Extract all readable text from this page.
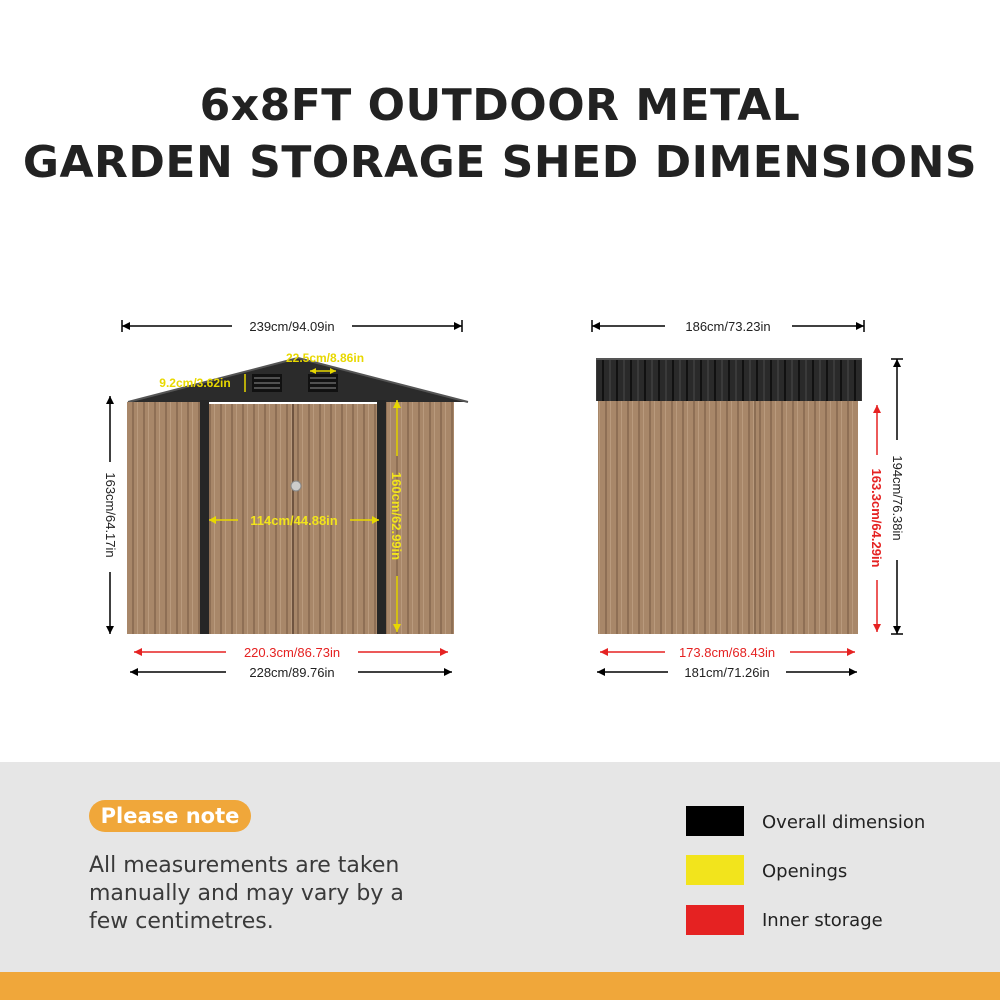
6x8FT OUTDOOR METAL
GARDEN STORAGE SHED DIMENSIONS
239cm/94.09in
22.5cm/8.86in
9.2cm/3.62in
163cm/64.17in	114cm/44.88in	160cm/62.99in
220.3cm/86.73in
228cm/89.76in
186cm/73.23in
194cm/76.38in
163.3cm/64.29in
173.8cm/68.43in
181cm/71.26in
Please note
All measurements are taken manually and may vary by a few centimetres.
Overall dimension
Openings
Inner storage
